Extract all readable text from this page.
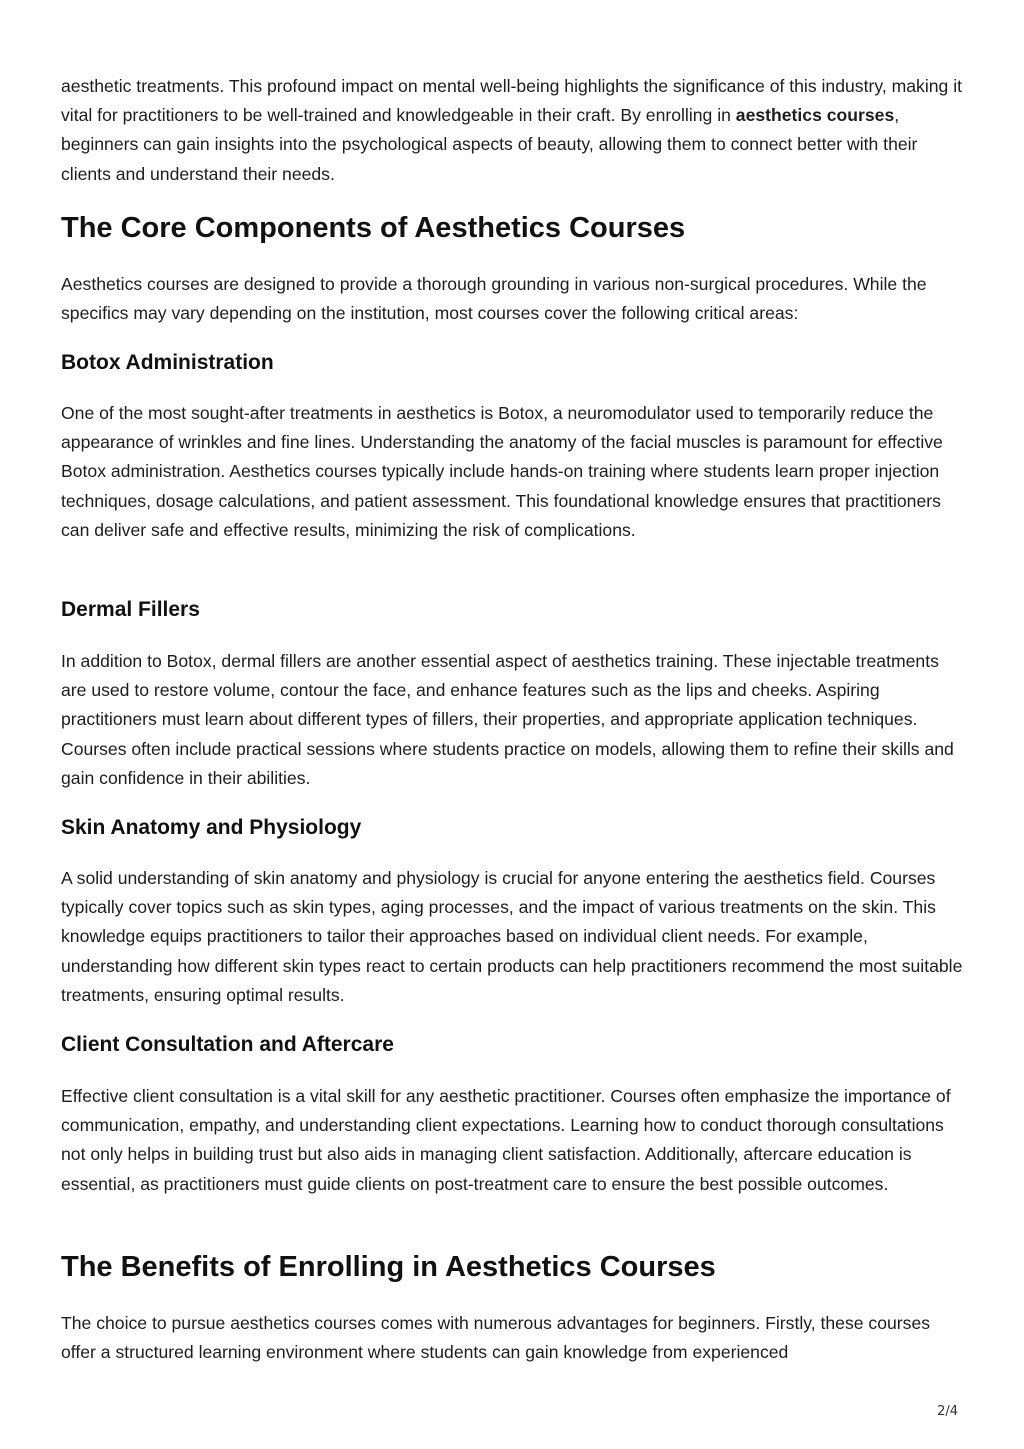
aesthetic treatments. This profound impact on mental well-being highlights the significance of this industry, making it vital for practitioners to be well-trained and knowledgeable in their craft. By enrolling in aesthetics courses, beginners can gain insights into the psychological aspects of beauty, allowing them to connect better with their clients and understand their needs.

The Core Components of Aesthetics Courses

Aesthetics courses are designed to provide a thorough grounding in various non-surgical procedures. While the specifics may vary depending on the institution, most courses cover the following critical areas:

Botox Administration

One of the most sought-after treatments in aesthetics is Botox, a neuromodulator used to temporarily reduce the appearance of wrinkles and fine lines. Understanding the anatomy of the facial muscles is paramount for effective Botox administration. Aesthetics courses typically include hands-on training where students learn proper injection techniques, dosage calculations, and patient assessment. This foundational knowledge ensures that practitioners can deliver safe and effective results, minimizing the risk of complications.

Dermal Fillers

In addition to Botox, dermal fillers are another essential aspect of aesthetics training. These injectable treatments are used to restore volume, contour the face, and enhance features such as the lips and cheeks. Aspiring practitioners must learn about different types of fillers, their properties, and appropriate application techniques. Courses often include practical sessions where students practice on models, allowing them to refine their skills and gain confidence in their abilities.

Skin Anatomy and Physiology

A solid understanding of skin anatomy and physiology is crucial for anyone entering the aesthetics field. Courses typically cover topics such as skin types, aging processes, and the impact of various treatments on the skin. This knowledge equips practitioners to tailor their approaches based on individual client needs. For example, understanding how different skin types react to certain products can help practitioners recommend the most suitable treatments, ensuring optimal results.

Client Consultation and Aftercare

Effective client consultation is a vital skill for any aesthetic practitioner. Courses often emphasize the importance of communication, empathy, and understanding client expectations. Learning how to conduct thorough consultations not only helps in building trust but also aids in managing client satisfaction. Additionally, aftercare education is essential, as practitioners must guide clients on post-treatment care to ensure the best possible outcomes.

The Benefits of Enrolling in Aesthetics Courses

The choice to pursue aesthetics courses comes with numerous advantages for beginners. Firstly, these courses offer a structured learning environment where students can gain knowledge from experienced

2/4
